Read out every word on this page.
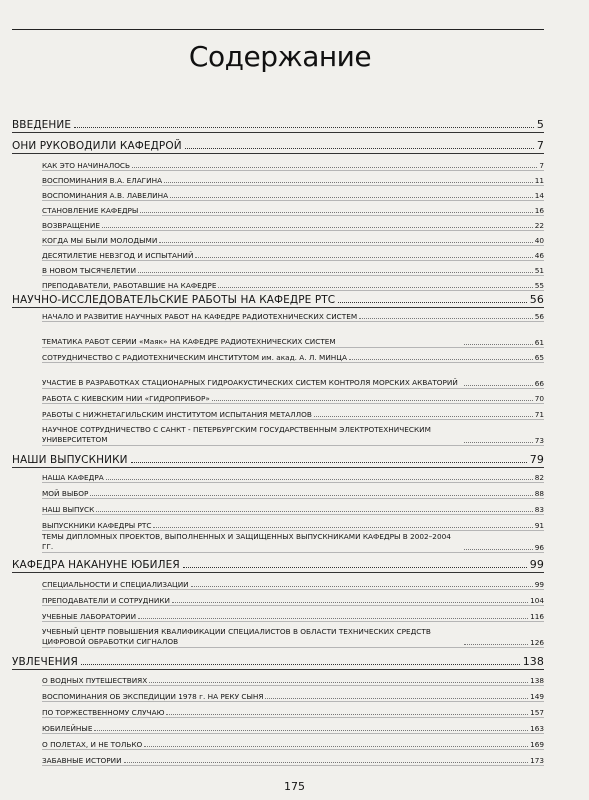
Содержание
ВВЕДЕНИЕ	5
ОНИ РУКОВОДИЛИ КАФЕДРОЙ	7
КАК ЭТО НАЧИНАЛОСЬ	7
ВОСПОМИНАНИЯ В.А. ЕЛАГИНА	11
ВОСПОМИНАНИЯ А.В. ЛАВЕЛИНА	14
СТАНОВЛЕНИЕ КАФЕДРЫ	16
ВОЗВРАЩЕНИЕ	22
КОГДА МЫ БЫЛИ МОЛОДЫМИ	40
ДЕСЯТИЛЕТИЕ НЕВЗГОД И ИСПЫТАНИЙ	46
В НОВОМ ТЫСЯЧЕЛЕТИИ	51
ПРЕПОДАВАТЕЛИ, РАБОТАВШИЕ НА КАФЕДРЕ	55
НАУЧНО-ИССЛЕДОВАТЕЛЬСКИЕ РАБОТЫ НА КАФЕДРЕ РТС	56
НАЧАЛО И РАЗВИТИЕ НАУЧНЫХ РАБОТ НА КАФЕДРЕ РАДИОТЕХНИЧЕСКИХ СИСТЕМ	56
ТЕМАТИКА РАБОТ СЕРИИ «Маяк» НА КАФЕДРЕ РАДИОТЕХНИЧЕСКИХ СИСТЕМ	61
СОТРУДНИЧЕСТВО С РАДИОТЕХНИЧЕСКИМ ИНСТИТУТОМ им. акад. А. Л. МИНЦА	65
УЧАСТИЕ В РАЗРАБОТКАХ СТАЦИОНАРНЫХ ГИДРОАКУСТИЧЕСКИХ СИСТЕМ КОНТРОЛЯ МОРСКИХ АКВАТОРИЙ	66
РАБОТА С КИЕВСКИМ НИИ «ГИДРОПРИБОР»	70
РАБОТЫ С НИЖНЕТАГИЛЬСКИМ ИНСТИТУТОМ ИСПЫТАНИЯ МЕТАЛЛОВ	71
НАУЧНОЕ СОТРУДНИЧЕСТВО С САНКТ - ПЕТЕРБУРГСКИМ ГОСУДАРСТВЕННЫМ ЭЛЕКТРОТЕХНИЧЕСКИМ УНИВЕРСИТЕТОМ	73
НАШИ ВЫПУСКНИКИ	79
НАША КАФЕДРА	82
МОЙ ВЫБОР	88
НАШ ВЫПУСК	83
ВЫПУСКНИКИ КАФЕДРЫ РТС	91
ТЕМЫ ДИПЛОМНЫХ ПРОЕКТОВ, ВЫПОЛНЕННЫХ И ЗАЩИЩЕННЫХ ВЫПУСКНИКАМИ КАФЕДРЫ В 2002–2004 ГГ.	96
КАФЕДРА НАКАНУНЕ ЮБИЛЕЯ	99
СПЕЦИАЛЬНОСТИ И СПЕЦИАЛИЗАЦИИ	99
ПРЕПОДАВАТЕЛИ И СОТРУДНИКИ	104
УЧЕБНЫЕ ЛАБОРАТОРИИ	116
УЧЕБНЫЙ ЦЕНТР ПОВЫШЕНИЯ КВАЛИФИКАЦИИ СПЕЦИАЛИСТОВ В ОБЛАСТИ ТЕХНИЧЕСКИХ СРЕДСТВ ЦИФРОВОЙ ОБРАБОТКИ СИГНАЛОВ	126
УВЛЕЧЕНИЯ	138
О ВОДНЫХ ПУТЕШЕСТВИЯХ	138
ВОСПОМИНАНИЯ ОБ ЭКСПЕДИЦИИ 1978 г. НА РЕКУ СЫНЯ	149
ПО ТОРЖЕСТВЕННОМУ СЛУЧАЮ	157
ЮБИЛЕЙНЫЕ	163
О ПОЛЕТАХ, И НЕ ТОЛЬКО	169
ЗАБАВНЫЕ ИСТОРИИ	173
175
